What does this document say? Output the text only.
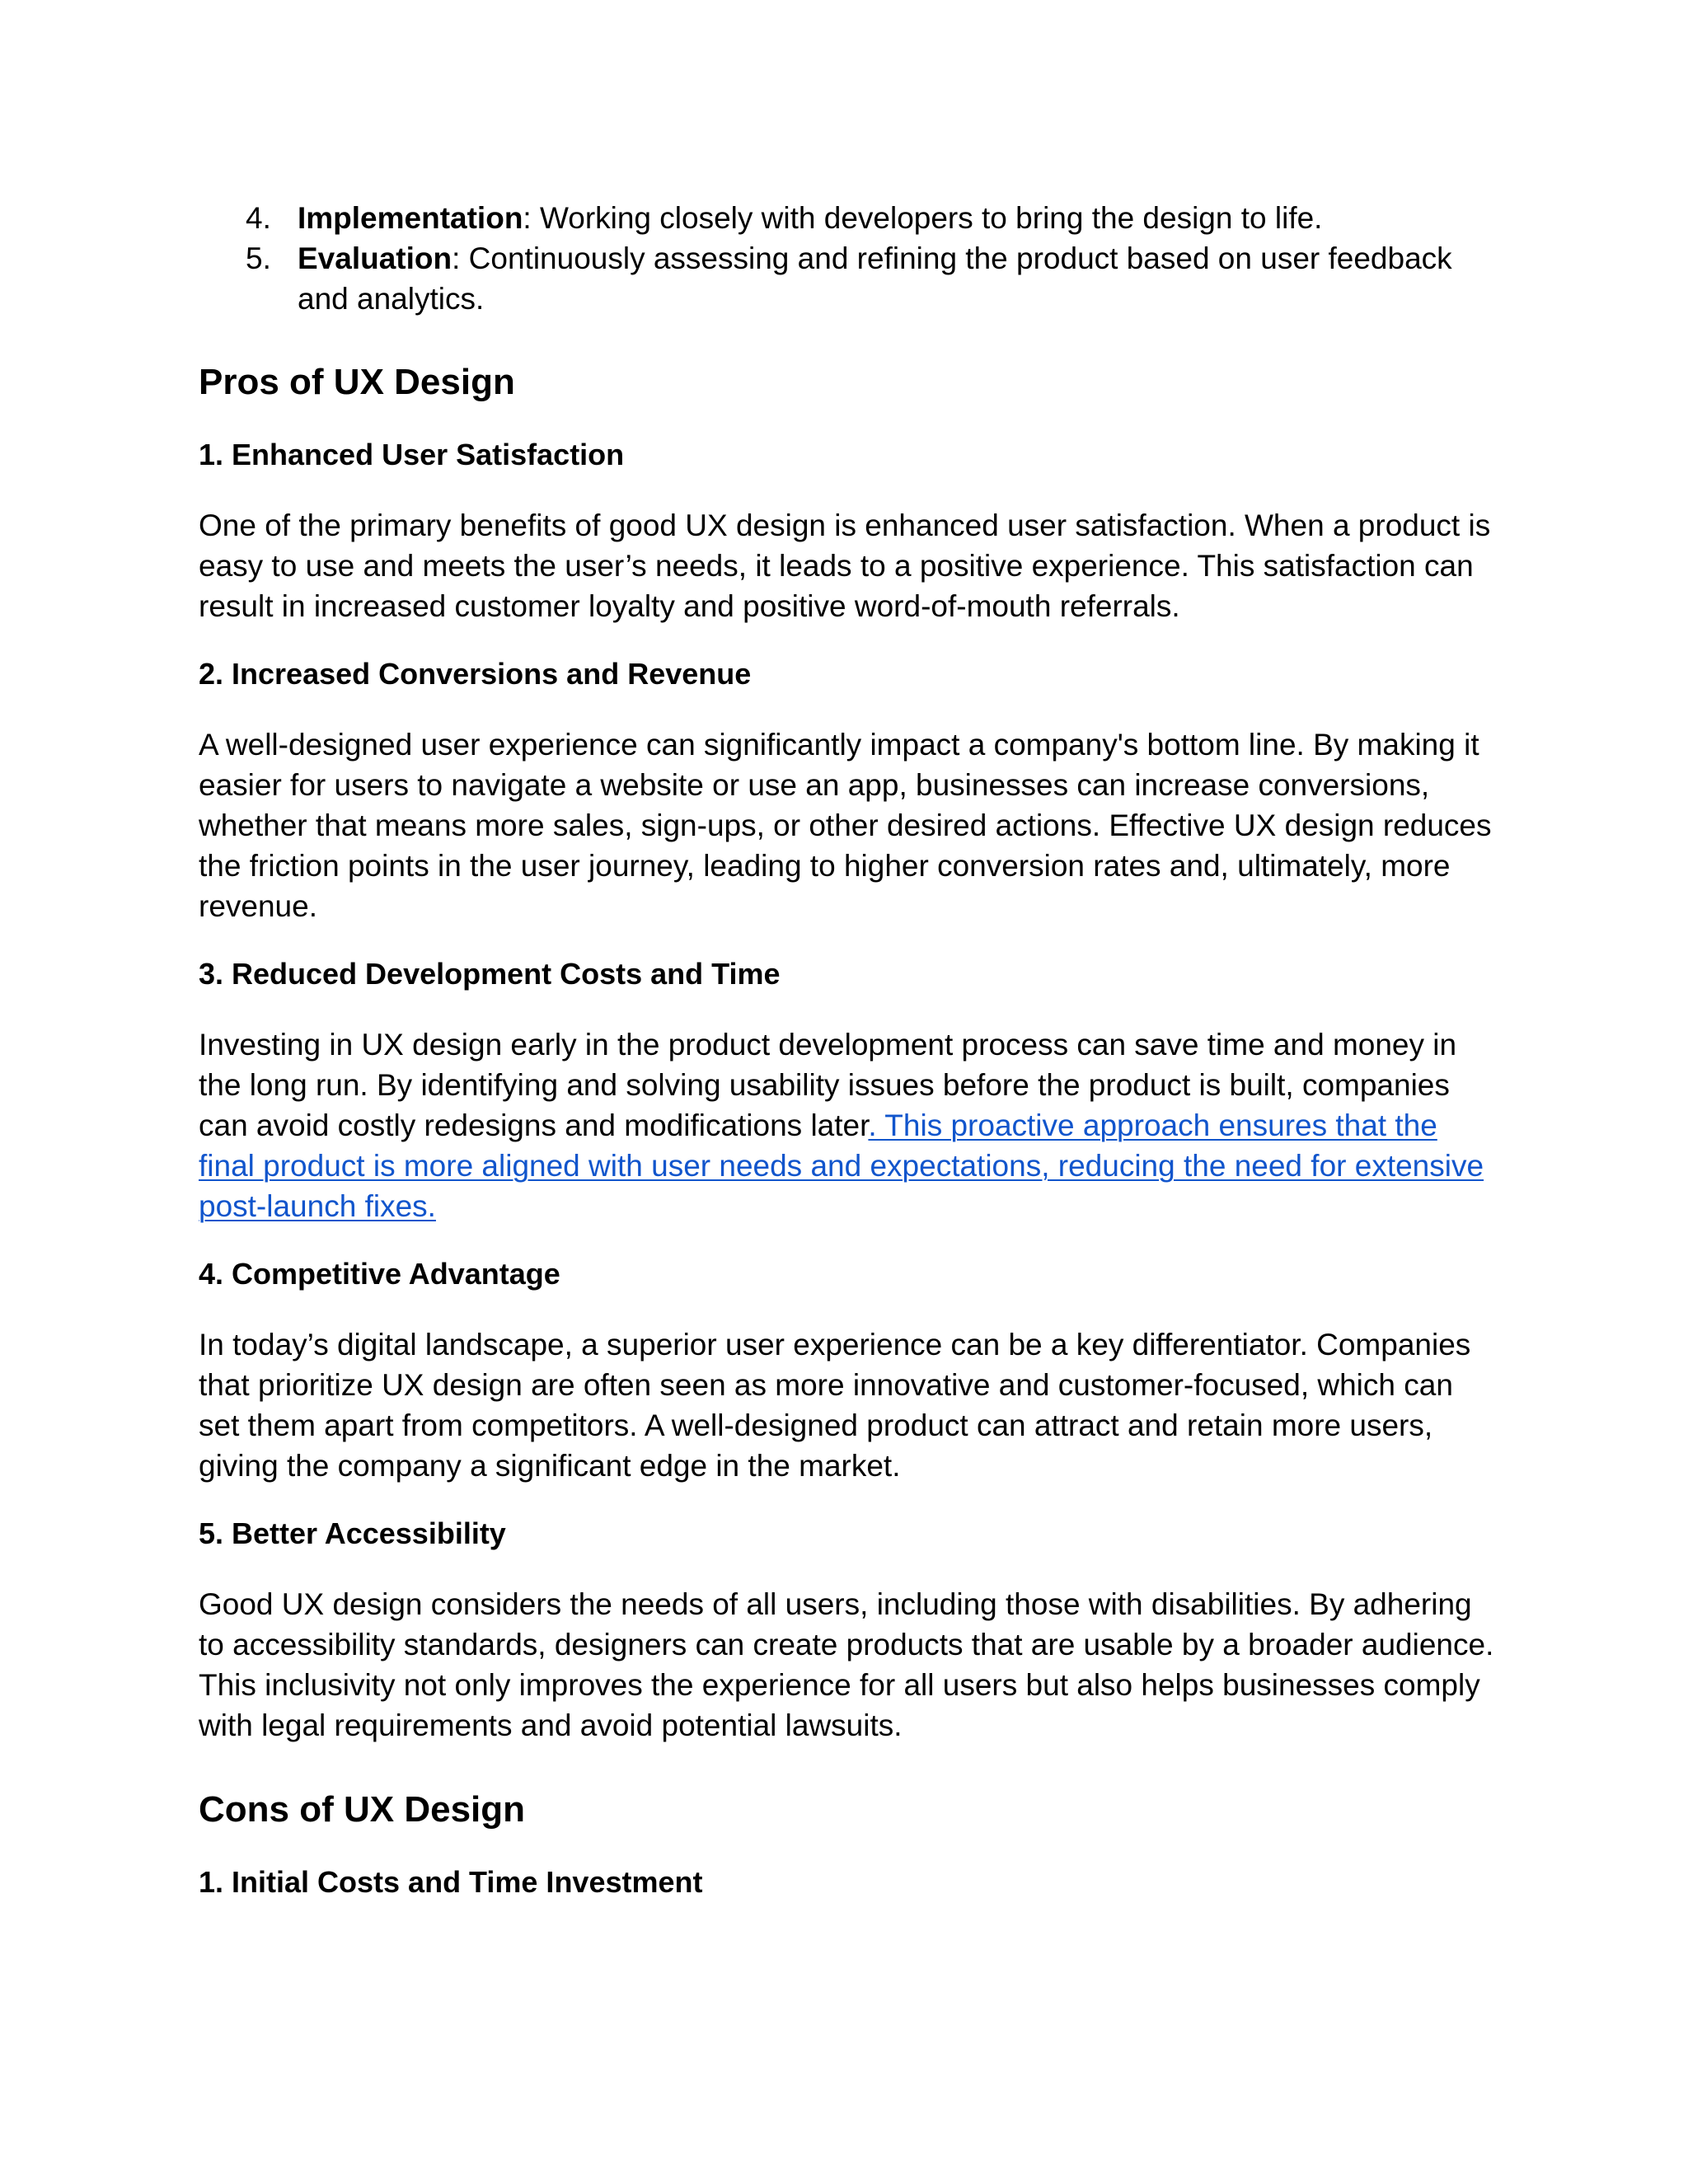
4. Implementation: Working closely with developers to bring the design to life.
5. Evaluation: Continuously assessing and refining the product based on user feedback and analytics.
Pros of UX Design
1. Enhanced User Satisfaction

One of the primary benefits of good UX design is enhanced user satisfaction. When a product is easy to use and meets the user’s needs, it leads to a positive experience. This satisfaction can result in increased customer loyalty and positive word-of-mouth referrals.

2. Increased Conversions and Revenue

A well-designed user experience can significantly impact a company's bottom line. By making it easier for users to navigate a website or use an app, businesses can increase conversions, whether that means more sales, sign-ups, or other desired actions. Effective UX design reduces the friction points in the user journey, leading to higher conversion rates and, ultimately, more revenue.

3. Reduced Development Costs and Time

Investing in UX design early in the product development process can save time and money in the long run. By identifying and solving usability issues before the product is built, companies can avoid costly redesigns and modifications later. This proactive approach ensures that the final product is more aligned with user needs and expectations, reducing the need for extensive post-launch fixes.

4. Competitive Advantage

In today’s digital landscape, a superior user experience can be a key differentiator. Companies that prioritize UX design are often seen as more innovative and customer-focused, which can set them apart from competitors. A well-designed product can attract and retain more users, giving the company a significant edge in the market.

5. Better Accessibility

Good UX design considers the needs of all users, including those with disabilities. By adhering to accessibility standards, designers can create products that are usable by a broader audience. This inclusivity not only improves the experience for all users but also helps businesses comply with legal requirements and avoid potential lawsuits.

Cons of UX Design
1. Initial Costs and Time Investment
